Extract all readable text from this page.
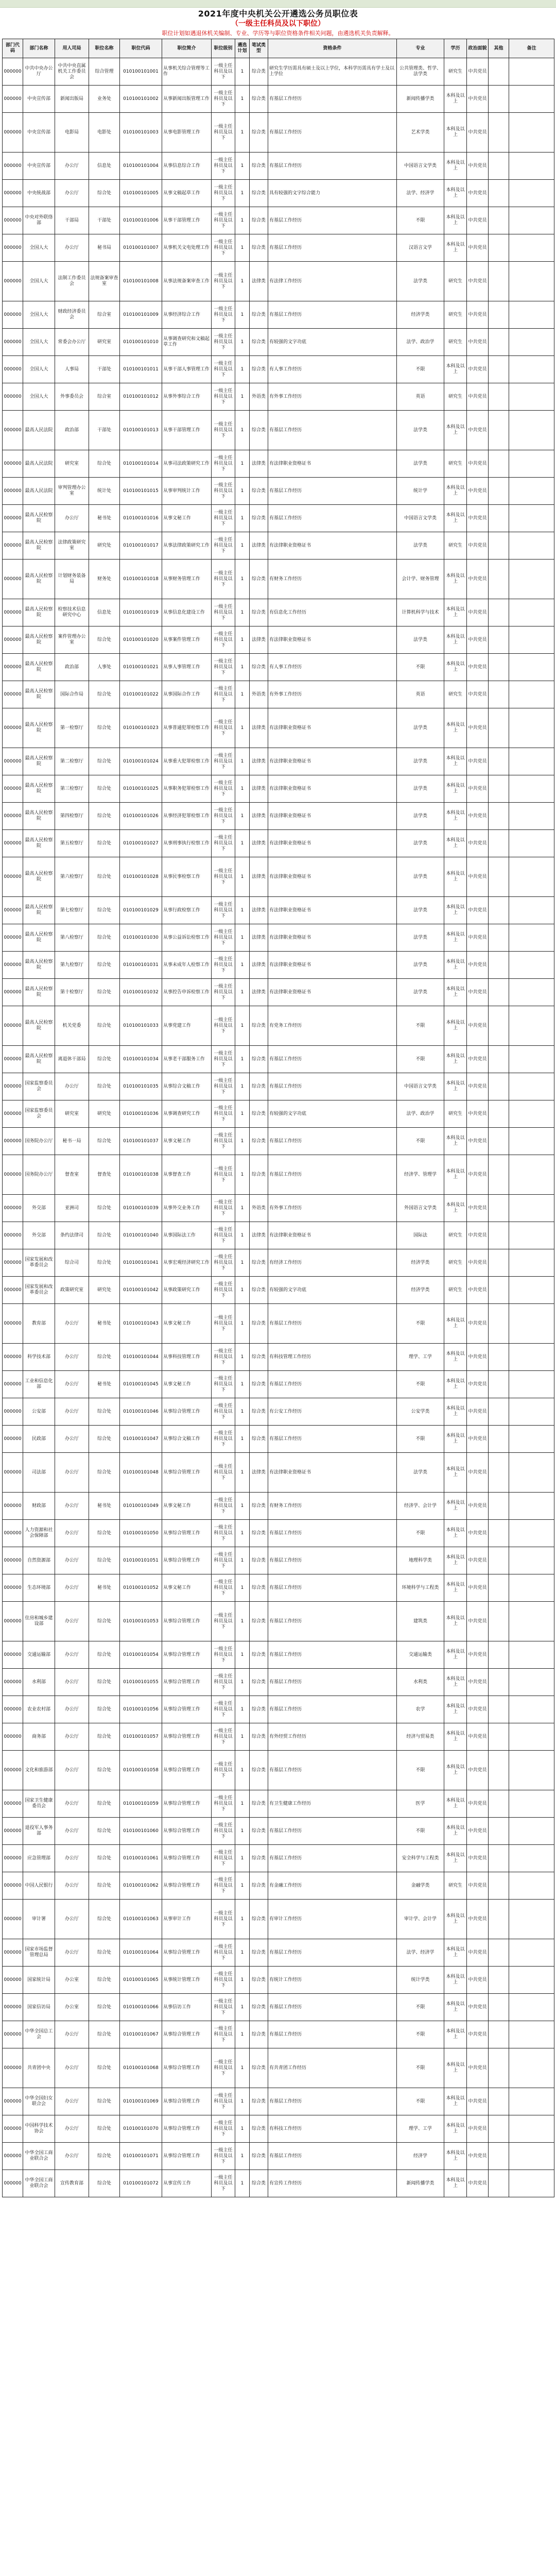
2021年度中央机关公开遴选公务员职位表
（一级主任科员及以下职位）
职位计划如遇退休机关编制、专业、学历等与职位资格条件相关问题，由遴选机关负责解释。
部门代码	部门名称	用人司局	职位名称	职位代码	职位简介	职位级别	遴选计划	笔试类型	资格条件	专业	学历	政治面貌	其他	备注
000000	中共中央办公厅	中共中央直属机关工作委员会	综合管理	010100101001	从事机关综合管理等工作	一级主任科员及以下	1	综合类	研究生学历需具有硕士及以上学位，本科学历需具有学士及以上学位	公共管理类、哲学、法学类	研究生	中共党员		
000000	中央宣传部	新闻出版局	业务处	010100101002	从事新闻出版管理工作	一级主任科员及以下	1	综合类	有基层工作经历	新闻传播学类	本科及以上	中共党员		
000000	中央宣传部	电影局	电影处	010100101003	从事电影管理工作	一级主任科员及以下	1	综合类	有基层工作经历	艺术学类	本科及以上	中共党员		
000000	中央宣传部	办公厅	信息处	010100101004	从事信息综合工作	一级主任科员及以下	1	综合类	有基层工作经历	中国语言文学类	本科及以上	中共党员		
000000	中央统战部	办公厅	综合处	010100101005	从事文稿起草工作	一级主任科员及以下	1	综合类	具有较强的文字综合能力	法学、经济学	本科及以上	中共党员		
000000	中央对外联络部	干部局	干部处	010100101006	从事干部管理工作	一级主任科员及以下	1	综合类	有基层工作经历	不限	本科及以上	中共党员		
000000	全国人大	办公厅	秘书局	010100101007	从事机关文电处理工作	一级主任科员及以下	1	综合类	有基层工作经历	汉语言文学	本科及以上	中共党员		
000000	全国人大	法制工作委员会	法规备案审查室	010100101008	从事法规备案审查工作	一级主任科员及以下	1	法律类	有法律工作经历	法学类	研究生	中共党员		
000000	全国人大	财政经济委员会	综合室	010100101009	从事经济综合工作	一级主任科员及以下	1	综合类	有基层工作经历	经济学类	研究生	中共党员		
000000	全国人大	常委会办公厅	研究室	010100101010	从事调查研究和文稿起草工作	一级主任科员及以下	1	综合类	有较强的文字功底	法学、政治学	研究生	中共党员		
000000	全国人大	人事局	干部处	010100101011	从事干部人事管理工作	一级主任科员及以下	1	综合类	有人事工作经历	不限	本科及以上	中共党员		
000000	全国人大	外事委员会	综合室	010100101012	从事外事综合工作	一级主任科员及以下	1	外语类	有外事工作经历	英语	研究生	中共党员		
000000	最高人民法院	政治部	干部处	010100101013	从事干部管理工作	一级主任科员及以下	1	综合类	有基层工作经历	法学类	本科及以上	中共党员		
000000	最高人民法院	研究室	综合处	010100101014	从事司法政策研究工作	一级主任科员及以下	1	法律类	有法律职业资格证书	法学类	研究生	中共党员		
000000	最高人民法院	审判管理办公室	统计处	010100101015	从事审判统计工作	一级主任科员及以下	1	综合类	有基层工作经历	统计学	本科及以上	中共党员		
000000	最高人民检察院	办公厅	秘书处	010100101016	从事文秘工作	一级主任科员及以下	1	综合类	有基层工作经历	中国语言文学类	本科及以上	中共党员		
000000	最高人民检察院	法律政策研究室	研究处	010100101017	从事法律政策研究工作	一级主任科员及以下	1	法律类	有法律职业资格证书	法学类	研究生	中共党员		
000000	最高人民检察院	计划财务装备局	财务处	010100101018	从事财务管理工作	一级主任科员及以下	1	综合类	有财务工作经历	会计学、财务管理	本科及以上	中共党员		
000000	最高人民检察院	检察技术信息研究中心	信息处	010100101019	从事信息化建设工作	一级主任科员及以下	1	综合类	有信息化工作经历	计算机科学与技术	本科及以上	中共党员		
000000	最高人民检察院	案件管理办公室	综合处	010100101020	从事案件管理工作	一级主任科员及以下	1	法律类	有法律职业资格证书	法学类	本科及以上	中共党员		
000000	最高人民检察院	政治部	人事处	010100101021	从事人事管理工作	一级主任科员及以下	1	综合类	有人事工作经历	不限	本科及以上	中共党员		
000000	最高人民检察院	国际合作局	综合处	010100101022	从事国际合作工作	一级主任科员及以下	1	外语类	有外事工作经历	英语	研究生	中共党员		
000000	最高人民检察院	第一检察厅	综合处	010100101023	从事普通犯罪检察工作	一级主任科员及以下	1	法律类	有法律职业资格证书	法学类	本科及以上	中共党员		
000000	最高人民检察院	第二检察厅	综合处	010100101024	从事重大犯罪检察工作	一级主任科员及以下	1	法律类	有法律职业资格证书	法学类	本科及以上	中共党员		
000000	最高人民检察院	第三检察厅	综合处	010100101025	从事职务犯罪检察工作	一级主任科员及以下	1	法律类	有法律职业资格证书	法学类	本科及以上	中共党员		
000000	最高人民检察院	第四检察厅	综合处	010100101026	从事经济犯罪检察工作	一级主任科员及以下	1	法律类	有法律职业资格证书	法学类	本科及以上	中共党员		
000000	最高人民检察院	第五检察厅	综合处	010100101027	从事刑事执行检察工作	一级主任科员及以下	1	法律类	有法律职业资格证书	法学类	本科及以上	中共党员		
000000	最高人民检察院	第六检察厅	综合处	010100101028	从事民事检察工作	一级主任科员及以下	1	法律类	有法律职业资格证书	法学类	本科及以上	中共党员		
000000	最高人民检察院	第七检察厅	综合处	010100101029	从事行政检察工作	一级主任科员及以下	1	法律类	有法律职业资格证书	法学类	本科及以上	中共党员		
000000	最高人民检察院	第八检察厅	综合处	010100101030	从事公益诉讼检察工作	一级主任科员及以下	1	法律类	有法律职业资格证书	法学类	本科及以上	中共党员		
000000	最高人民检察院	第九检察厅	综合处	010100101031	从事未成年人检察工作	一级主任科员及以下	1	法律类	有法律职业资格证书	法学类	本科及以上	中共党员		
000000	最高人民检察院	第十检察厅	综合处	010100101032	从事控告申诉检察工作	一级主任科员及以下	1	法律类	有法律职业资格证书	法学类	本科及以上	中共党员		
000000	最高人民检察院	机关党委	综合处	010100101033	从事党建工作	一级主任科员及以下	1	综合类	有党务工作经历	不限	本科及以上	中共党员		
000000	最高人民检察院	离退休干部局	综合处	010100101034	从事老干部服务工作	一级主任科员及以下	1	综合类	有基层工作经历	不限	本科及以上	中共党员		
000000	国家监察委员会	办公厅	综合处	010100101035	从事综合文稿工作	一级主任科员及以下	1	综合类	有基层工作经历	中国语言文学类	本科及以上	中共党员		
000000	国家监察委员会	研究室	研究处	010100101036	从事调查研究工作	一级主任科员及以下	1	综合类	有较强的文字功底	法学、政治学	研究生	中共党员		
000000	国务院办公厅	秘书一局	综合处	010100101037	从事文秘工作	一级主任科员及以下	1	综合类	有基层工作经历	不限	本科及以上	中共党员		
000000	国务院办公厅	督查室	督查处	010100101038	从事督查工作	一级主任科员及以下	1	综合类	有基层工作经历	经济学、管理学	本科及以上	中共党员		
000000	外交部	亚洲司	综合处	010100101039	从事外交业务工作	一级主任科员及以下	1	外语类	有外事工作经历	外国语言文学类	本科及以上	中共党员		
000000	外交部	条约法律司	综合处	010100101040	从事国际法工作	一级主任科员及以下	1	法律类	有法律职业资格证书	国际法	研究生	中共党员		
000000	国家发展和改革委员会	综合司	综合处	010100101041	从事宏观经济研究工作	一级主任科员及以下	1	综合类	有经济工作经历	经济学类	研究生	中共党员		
000000	国家发展和改革委员会	政策研究室	研究处	010100101042	从事政策研究工作	一级主任科员及以下	1	综合类	有较强的文字功底	经济学类	研究生	中共党员		
000000	教育部	办公厅	秘书处	010100101043	从事文秘工作	一级主任科员及以下	1	综合类	有基层工作经历	不限	本科及以上	中共党员		
000000	科学技术部	办公厅	综合处	010100101044	从事科技管理工作	一级主任科员及以下	1	综合类	有科技管理工作经历	理学、工学	本科及以上	中共党员		
000000	工业和信息化部	办公厅	秘书处	010100101045	从事文秘工作	一级主任科员及以下	1	综合类	有基层工作经历	不限	本科及以上	中共党员		
000000	公安部	办公厅	综合处	010100101046	从事综合管理工作	一级主任科员及以下	1	综合类	有公安工作经历	公安学类	本科及以上	中共党员		
000000	民政部	办公厅	综合处	010100101047	从事综合文稿工作	一级主任科员及以下	1	综合类	有基层工作经历	不限	本科及以上	中共党员		
000000	司法部	办公厅	综合处	010100101048	从事综合管理工作	一级主任科员及以下	1	法律类	有法律职业资格证书	法学类	本科及以上	中共党员		
000000	财政部	办公厅	秘书处	010100101049	从事文秘工作	一级主任科员及以下	1	综合类	有财务工作经历	经济学、会计学	本科及以上	中共党员		
000000	人力资源和社会保障部	办公厅	综合处	010100101050	从事综合管理工作	一级主任科员及以下	1	综合类	有基层工作经历	不限	本科及以上	中共党员		
000000	自然资源部	办公厅	综合处	010100101051	从事综合管理工作	一级主任科员及以下	1	综合类	有基层工作经历	地理科学类	本科及以上	中共党员		
000000	生态环境部	办公厅	秘书处	010100101052	从事文秘工作	一级主任科员及以下	1	综合类	有基层工作经历	环境科学与工程类	本科及以上	中共党员		
000000	住房和城乡建设部	办公厅	综合处	010100101053	从事综合管理工作	一级主任科员及以下	1	综合类	有基层工作经历	建筑类	本科及以上	中共党员		
000000	交通运输部	办公厅	综合处	010100101054	从事综合管理工作	一级主任科员及以下	1	综合类	有基层工作经历	交通运输类	本科及以上	中共党员		
000000	水利部	办公厅	综合处	010100101055	从事综合管理工作	一级主任科员及以下	1	综合类	有基层工作经历	水利类	本科及以上	中共党员		
000000	农业农村部	办公厅	综合处	010100101056	从事综合管理工作	一级主任科员及以下	1	综合类	有基层工作经历	农学	本科及以上	中共党员		
000000	商务部	办公厅	综合处	010100101057	从事综合管理工作	一级主任科员及以下	1	综合类	有外经贸工作经历	经济与贸易类	本科及以上	中共党员		
000000	文化和旅游部	办公厅	综合处	010100101058	从事综合管理工作	一级主任科员及以下	1	综合类	有基层工作经历	不限	本科及以上	中共党员		
000000	国家卫生健康委员会	办公厅	综合处	010100101059	从事综合管理工作	一级主任科员及以下	1	综合类	有卫生健康工作经历	医学	本科及以上	中共党员		
000000	退役军人事务部	办公厅	综合处	010100101060	从事综合管理工作	一级主任科员及以下	1	综合类	有基层工作经历	不限	本科及以上	中共党员		
000000	应急管理部	办公厅	综合处	010100101061	从事综合管理工作	一级主任科员及以下	1	综合类	有基层工作经历	安全科学与工程类	本科及以上	中共党员		
000000	中国人民银行	办公厅	综合处	010100101062	从事综合管理工作	一级主任科员及以下	1	综合类	有金融工作经历	金融学类	研究生	中共党员		
000000	审计署	办公厅	综合处	010100101063	从事审计工作	一级主任科员及以下	1	综合类	有审计工作经历	审计学、会计学	本科及以上	中共党员		
000000	国家市场监督管理总局	办公厅	综合处	010100101064	从事综合管理工作	一级主任科员及以下	1	综合类	有基层工作经历	法学、经济学	本科及以上	中共党员		
000000	国家统计局	办公室	综合处	010100101065	从事统计管理工作	一级主任科员及以下	1	综合类	有统计工作经历	统计学类	本科及以上	中共党员		
000000	国家信访局	办公室	综合处	010100101066	从事信访工作	一级主任科员及以下	1	综合类	有基层工作经历	不限	本科及以上	中共党员		
000000	中华全国总工会	办公厅	综合处	010100101067	从事综合管理工作	一级主任科员及以下	1	综合类	有基层工作经历	不限	本科及以上	中共党员		
000000	共青团中央	办公厅	综合处	010100101068	从事综合管理工作	一级主任科员及以下	1	综合类	有共青团工作经历	不限	本科及以上	中共党员		
000000	中华全国妇女联合会	办公厅	综合处	010100101069	从事综合管理工作	一级主任科员及以下	1	综合类	有基层工作经历	不限	本科及以上	中共党员		
000000	中国科学技术协会	办公厅	综合处	010100101070	从事综合管理工作	一级主任科员及以下	1	综合类	有科技工作经历	理学、工学	本科及以上	中共党员		
000000	中华全国工商业联合会	办公厅	综合处	010100101071	从事综合管理工作	一级主任科员及以下	1	综合类	有基层工作经历	经济学	本科及以上	中共党员		
000000	中华全国工商业联合会	宣传教育部	综合处	010100101072	从事宣传工作	一级主任科员及以下	1	综合类	有宣传工作经历	新闻传播学类	本科及以上	中共党员		
